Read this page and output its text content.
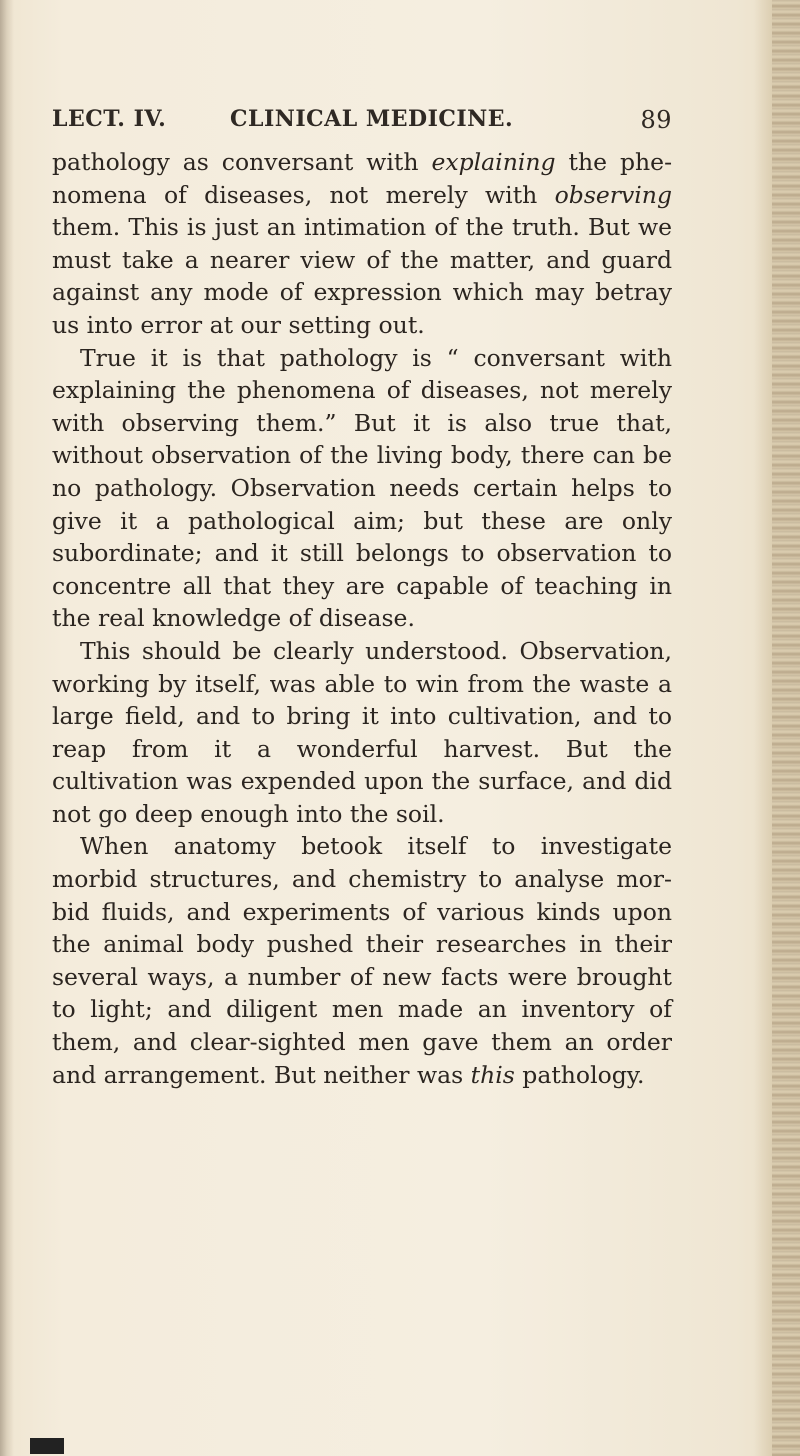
LECT. IV.	CLINICAL MEDICINE.	89

pathology as conversant with explaining the phenomena of diseases, not merely with observing them. This is just an intimation of the truth. But we must take a nearer view of the matter, and guard against any mode of expression which may betray us into error at our setting out.

True it is that pathology is “ conversant with explaining the phenomena of diseases, not merely with observing them.” But it is also true that, without observation of the living body, there can be no pathology. Observation needs certain helps to give it a pathological aim; but these are only subordinate; and it still belongs to observation to concentre all that they are capable of teaching in the real knowledge of disease.

This should be clearly understood. Observation, working by itself, was able to win from the waste a large field, and to bring it into cultivation, and to reap from it a wonderful harvest. But the cultivation was expended upon the surface, and did not go deep enough into the soil.

When anatomy betook itself to investigate morbid structures, and chemistry to analyse morbid fluids, and experiments of various kinds upon the animal body pushed their researches in their several ways, a number of new facts were brought to light; and diligent men made an inventory of them, and clear-sighted men gave them an order and arrangement. But neither was this pathology.
